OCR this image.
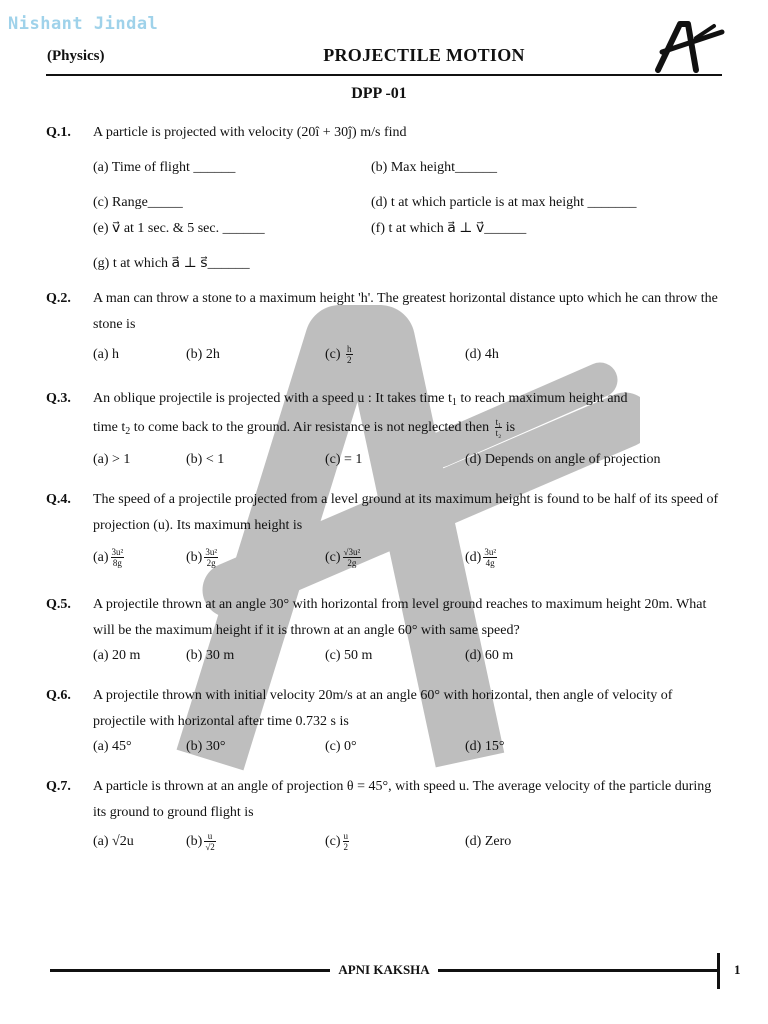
Nishant Jindal
(Physics)	PROJECTILE MOTION
DPP -01
Q.1. A particle is projected with velocity (20î + 30ĵ) m/s find
(a) Time of flight ______	(b) Max height______
(c) Range_____	(d) t at which particle is at max height _______
(e) v⃗ at 1 sec. & 5 sec. ______	(f) t at which a⃗ ⊥ v⃗______
(g) t at which a⃗ ⊥ s⃗______
Q.2. A man can throw a stone to a maximum height 'h'. The greatest horizontal distance upto which he can throw the stone is
(a) h	(b) 2h	$(c) \frac{h}{2}$	(d) 4h
Q.3. An oblique projectile is projected with a speed u : It takes time $t_1$ to reach maximum height and
time $t_2$ to come back to the ground. Air resistance is not neglected then $\frac{\text{t₁}}{\text{t₂}}$ is
(a) > 1	(b) < 1	(c) = 1	(d) Depends on angle of projection
Q.4. The speed of a projectile projected from a level ground at its maximum height is found to be half of its speed of projection (u). Its maximum height is
$(a) \frac{\text{3u²}}{8g}$	$(b) \frac{\text{3u²}}{2g}$	$(c) \frac{\text{√3u²}}{2g}$	$(d) \frac{\text{3u²}}{4g}$
Q.5. A projectile thrown at an angle 30° with horizontal from level ground reaches to maximum height 20m. What will be the maximum height if it is thrown at an angle 60° with same speed?
(a) 20 m	(b) 30 m	(c) 50 m	(d) 60 m
Q.6. A projectile thrown with initial velocity 20m/s at an angle 60° with horizontal, then angle of velocity of projectile with horizontal after time 0.732 s is
(a) 45°	(b) 30°	(c) 0°	(d) 15°
Q.7. A particle is thrown at an angle of projection θ = 45°, with speed u. The average velocity of the particle during its ground to ground flight is
(a) √2u	$(b) \frac{u}{√2}$	$(c) \frac{u}{2}$	(d) Zero
APNI KAKSHA	1
